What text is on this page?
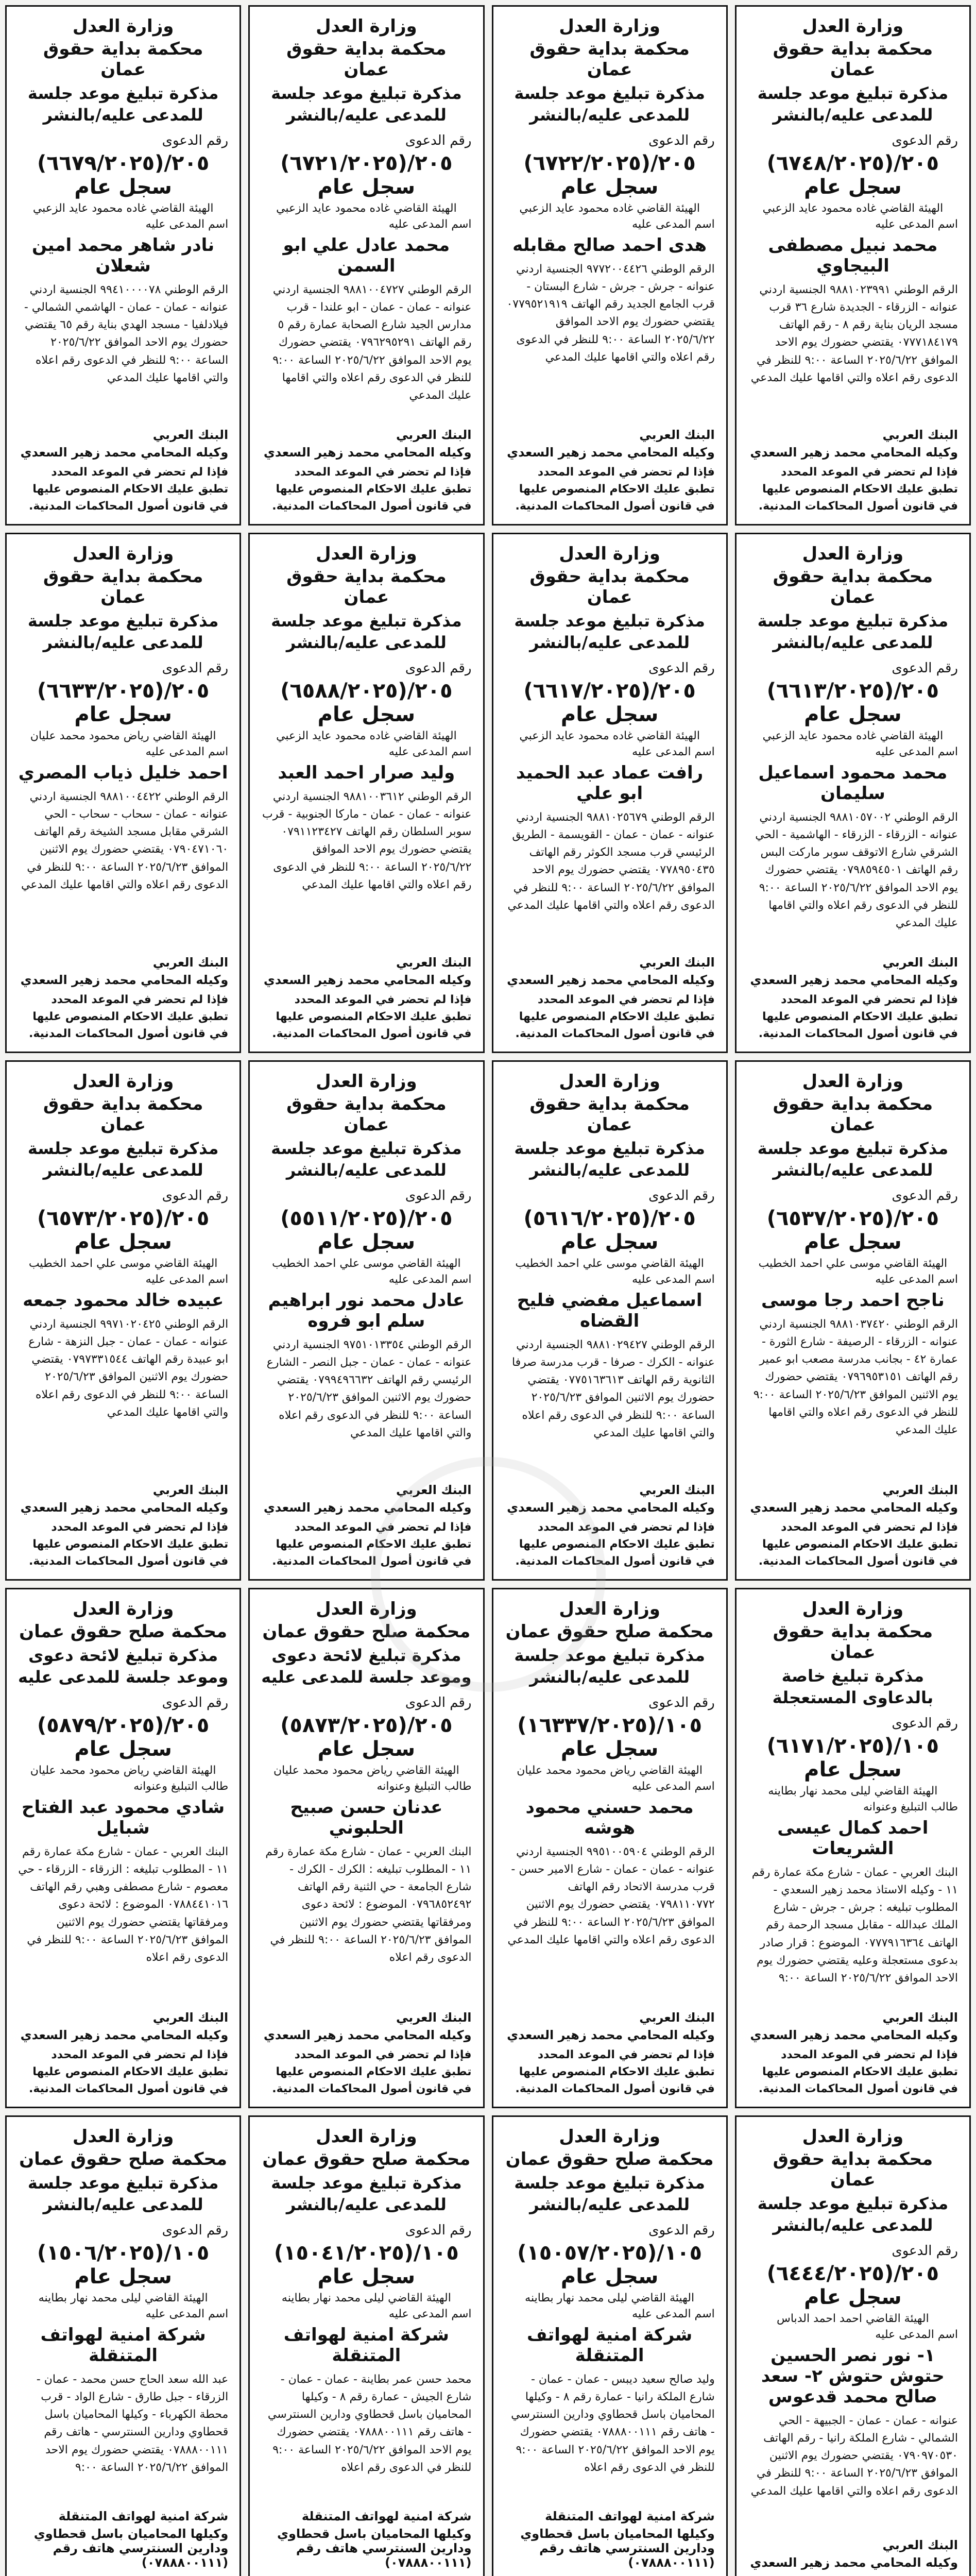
وزارة العدل
محكمة بداية حقوق عمان
مذكرة تبليغ موعد جلسة للمدعى عليه/بالنشر
رقم الدعوى
٢٠٥/(٦٧٤٨/٢٠٢٥) سجل عام
الهيئة القاضي غاده محمود عايد الزعبي
اسم المدعى عليه
محمد نبيل مصطفى البيجاوي
الرقم الوطني ٩٨٨١٠٢٣٩٩١ الجنسية اردني عنوانه - الزرقاء - الجديدة شارع ٣٦ قرب مسجد الريان بناية رقم ٨ - رقم الهاتف ٠٧٧٧١٨٤١٧٩ يقتضي حضورك يوم الاحد الموافق ٢٠٢٥/٦/٢٢ الساعة ٩:٠٠ للنظر في الدعوى رقم اعلاه والتي اقامها عليك المدعي
البنك العربي
وكيله المحامي محمد زهير السعدي
فإذا لم تحضر في الموعد المحدد تطبق عليك الاحكام المنصوص عليها في قانون أصول المحاكمات المدنية.
وزارة العدل
محكمة بداية حقوق عمان
مذكرة تبليغ موعد جلسة للمدعى عليه/بالنشر
رقم الدعوى
٢٠٥/(٦٧٢٢/٢٠٢٥) سجل عام
الهيئة القاضي غاده محمود عايد الزعبي
اسم المدعى عليه
هدى احمد صالح مقابله
الرقم الوطني ٩٧٧٢٠٠٤٤٢٦ الجنسية اردني عنوانه - جرش - جرش - شارع البستان - قرب الجامع الجديد رقم الهاتف ٠٧٧٩٥٢١٩١٩ يقتضي حضورك يوم الاحد الموافق ٢٠٢٥/٦/٢٢ الساعة ٩:٠٠ للنظر في الدعوى رقم اعلاه والتي اقامها عليك المدعي
البنك العربي
وكيله المحامي محمد زهير السعدي
فإذا لم تحضر في الموعد المحدد تطبق عليك الاحكام المنصوص عليها في قانون أصول المحاكمات المدنية.
وزارة العدل
محكمة بداية حقوق عمان
مذكرة تبليغ موعد جلسة للمدعى عليه/بالنشر
رقم الدعوى
٢٠٥/(٦٧٢١/٢٠٢٥) سجل عام
الهيئة القاضي غاده محمود عايد الزعبي
اسم المدعى عليه
محمد عادل علي ابو السمن
الرقم الوطني ٩٨٨١٠٠٤٧٢٧ الجنسية اردني عنوانه - عمان - عمان - ابو علندا - قرب مدارس الجيد شارع الصحابة عمارة رقم ٥ رقم الهاتف ٠٧٩٦٢٩٥٢٩١ يقتضي حضورك يوم الاحد الموافق ٢٠٢٥/٦/٢٢ الساعة ٩:٠٠ للنظر في الدعوى رقم اعلاه والتي اقامها عليك المدعي
البنك العربي
وكيله المحامي محمد زهير السعدي
فإذا لم تحضر في الموعد المحدد تطبق عليك الاحكام المنصوص عليها في قانون أصول المحاكمات المدنية.
وزارة العدل
محكمة بداية حقوق عمان
مذكرة تبليغ موعد جلسة للمدعى عليه/بالنشر
رقم الدعوى
٢٠٥/(٦٦٧٩/٢٠٢٥) سجل عام
الهيئة القاضي غاده محمود عايد الزعبي
اسم المدعى عليه
نادر شاهر محمد امين شعلان
الرقم الوطني ٩٩٤١٠٠٠٠٧٨ الجنسية اردني عنوانه - عمان - عمان - الهاشمي الشمالي - فيلادلفيا - مسجد الهدي بناية رقم ٦٥ يقتضي حضورك يوم الاحد الموافق ٢٠٢٥/٦/٢٢ الساعة ٩:٠٠ للنظر في الدعوى رقم اعلاه والتي اقامها عليك المدعي
البنك العربي
وكيله المحامي محمد زهير السعدي
فإذا لم تحضر في الموعد المحدد تطبق عليك الاحكام المنصوص عليها في قانون أصول المحاكمات المدنية.
وزارة العدل
محكمة بداية حقوق عمان
مذكرة تبليغ موعد جلسة للمدعى عليه/بالنشر
رقم الدعوى
٢٠٥/(٦٦١٣/٢٠٢٥) سجل عام
الهيئة القاضي غاده محمود عايد الزعبي
اسم المدعى عليه
محمد محمود اسماعيل سليمان
الرقم الوطني ٩٨٨١٠٥٧٠٠٢ الجنسية اردني عنوانه - الزرقاء - الزرقاء - الهاشمية - الحي الشرقي شارع الاتوقف سوبر ماركت البس رقم الهاتف ٠٧٩٨٥٩٤٥٠١ يقتضي حضورك يوم الاحد الموافق ٢٠٢٥/٦/٢٢ الساعة ٩:٠٠ للنظر في الدعوى رقم اعلاه والتي اقامها عليك المدعي
البنك العربي
وكيله المحامي محمد زهير السعدي
فإذا لم تحضر في الموعد المحدد تطبق عليك الاحكام المنصوص عليها في قانون أصول المحاكمات المدنية.
وزارة العدل
محكمة بداية حقوق عمان
مذكرة تبليغ موعد جلسة للمدعى عليه/بالنشر
رقم الدعوى
٢٠٥/(٦٦١٧/٢٠٢٥) سجل عام
الهيئة القاضي غاده محمود عايد الزعبي
اسم المدعى عليه
رافت عماد عبد الحميد ابو علي
الرقم الوطني ٩٨٨١٠٢٥٦٧٩ الجنسية اردني عنوانه - عمان - عمان - القويسمة - الطريق الرئيسي قرب مسجد الكوثر رقم الهاتف ٠٧٧٨٩٥٠٤٣٥ يقتضي حضورك يوم الاحد الموافق ٢٠٢٥/٦/٢٢ الساعة ٩:٠٠ للنظر في الدعوى رقم اعلاه والتي اقامها عليك المدعي
البنك العربي
وكيله المحامي محمد زهير السعدي
فإذا لم تحضر في الموعد المحدد تطبق عليك الاحكام المنصوص عليها في قانون أصول المحاكمات المدنية.
وزارة العدل
محكمة بداية حقوق عمان
مذكرة تبليغ موعد جلسة للمدعى عليه/بالنشر
رقم الدعوى
٢٠٥/(٦٥٨٨/٢٠٢٥) سجل عام
الهيئة القاضي غاده محمود عايد الزعبي
اسم المدعى عليه
وليد صرار احمد العبد
الرقم الوطني ٩٨٨١٠٠٣٦١٢ الجنسية اردني عنوانه - عمان - عمان - ماركا الجنوبية - قرب سوبر السلطان رقم الهاتف ٠٧٩١١٢٣٤٢٧ يقتضي حضورك يوم الاحد الموافق ٢٠٢٥/٦/٢٢ الساعة ٩:٠٠ للنظر في الدعوى رقم اعلاه والتي اقامها عليك المدعي
البنك العربي
وكيله المحامي محمد زهير السعدي
فإذا لم تحضر في الموعد المحدد تطبق عليك الاحكام المنصوص عليها في قانون أصول المحاكمات المدنية.
وزارة العدل
محكمة بداية حقوق عمان
مذكرة تبليغ موعد جلسة للمدعى عليه/بالنشر
رقم الدعوى
٢٠٥/(٦٦٣٣/٢٠٢٥) سجل عام
الهيئة القاضي رياض محمود محمد عليان
اسم المدعى عليه
احمد خليل ذياب المصري
الرقم الوطني ٩٨٨١٠٠٤٤٢٢ الجنسية اردني عنوانه - عمان - سحاب - سحاب - الحي الشرقي مقابل مسجد الشيخة رقم الهاتف ٠٧٩٠٤٧١٠٦٠ يقتضي حضورك يوم الاثنين الموافق ٢٠٢٥/٦/٢٣ الساعة ٩:٠٠ للنظر في الدعوى رقم اعلاه والتي اقامها عليك المدعي
البنك العربي
وكيله المحامي محمد زهير السعدي
فإذا لم تحضر في الموعد المحدد تطبق عليك الاحكام المنصوص عليها في قانون أصول المحاكمات المدنية.
وزارة العدل
محكمة بداية حقوق عمان
مذكرة تبليغ موعد جلسة للمدعى عليه/بالنشر
رقم الدعوى
٢٠٥/(٦٥٣٧/٢٠٢٥) سجل عام
الهيئة القاضي موسى علي احمد الخطيب
اسم المدعى عليه
ناجح احمد رجا موسى
الرقم الوطني ٩٨٨١٠٣٧٤٢٠ الجنسية اردني عنوانه - الزرقاء - الرصيفة - شارع الثورة - عمارة ٤٢ - بجانب مدرسة مصعب ابو عمير رقم الهاتف ٠٧٩٦٩٥٣١٥١ يقتضي حضورك يوم الاثنين الموافق ٢٠٢٥/٦/٢٣ الساعة ٩:٠٠ للنظر في الدعوى رقم اعلاه والتي اقامها عليك المدعي
البنك العربي
وكيله المحامي محمد زهير السعدي
فإذا لم تحضر في الموعد المحدد تطبق عليك الاحكام المنصوص عليها في قانون أصول المحاكمات المدنية.
وزارة العدل
محكمة بداية حقوق عمان
مذكرة تبليغ موعد جلسة للمدعى عليه/بالنشر
رقم الدعوى
٢٠٥/(٥٦١٦/٢٠٢٥) سجل عام
الهيئة القاضي موسى علي احمد الخطيب
اسم المدعى عليه
اسماعيل مفضي فليح القضاه
الرقم الوطني ٩٨٨١٠٢٩٤٢٧ الجنسية اردني عنوانه - الكرك - صرفا - قرب مدرسة صرفا الثانوية رقم الهاتف ٠٧٧٥١٦٣٦١٣ يقتضي حضورك يوم الاثنين الموافق ٢٠٢٥/٦/٢٣ الساعة ٩:٠٠ للنظر في الدعوى رقم اعلاه والتي اقامها عليك المدعي
البنك العربي
وكيله المحامي محمد زهير السعدي
فإذا لم تحضر في الموعد المحدد تطبق عليك الاحكام المنصوص عليها في قانون أصول المحاكمات المدنية.
وزارة العدل
محكمة بداية حقوق عمان
مذكرة تبليغ موعد جلسة للمدعى عليه/بالنشر
رقم الدعوى
٢٠٥/(٥٥١١/٢٠٢٥) سجل عام
الهيئة القاضي موسى علي احمد الخطيب
اسم المدعى عليه
عادل محمد نور ابراهيم سلم ابو فروه
الرقم الوطني ٩٧٥١٠١٣٣٥٤ الجنسية اردني عنوانه - عمان - عمان - جبل النصر - الشارع الرئيسي رقم الهاتف ٠٧٩٩٤٩٦٦٣٢ يقتضي حضورك يوم الاثنين الموافق ٢٠٢٥/٦/٢٣ الساعة ٩:٠٠ للنظر في الدعوى رقم اعلاه والتي اقامها عليك المدعي
البنك العربي
وكيله المحامي محمد زهير السعدي
فإذا لم تحضر في الموعد المحدد تطبق عليك الاحكام المنصوص عليها في قانون أصول المحاكمات المدنية.
وزارة العدل
محكمة بداية حقوق عمان
مذكرة تبليغ موعد جلسة للمدعى عليه/بالنشر
رقم الدعوى
٢٠٥/(٦٥٧٣/٢٠٢٥) سجل عام
الهيئة القاضي موسى علي احمد الخطيب
اسم المدعى عليه
عبيده خالد محمود جمعه
الرقم الوطني ٩٩٧١٠٢٠٤٢٥ الجنسية اردني عنوانه - عمان - عمان - جبل النزهة - شارع ابو عبيدة رقم الهاتف ٠٧٩٧٣٣١٥٤٤ يقتضي حضورك يوم الاثنين الموافق ٢٠٢٥/٦/٢٣ الساعة ٩:٠٠ للنظر في الدعوى رقم اعلاه والتي اقامها عليك المدعي
البنك العربي
وكيله المحامي محمد زهير السعدي
فإذا لم تحضر في الموعد المحدد تطبق عليك الاحكام المنصوص عليها في قانون أصول المحاكمات المدنية.
وزارة العدل
محكمة بداية حقوق عمان
مذكرة تبليغ خاصة بالدعاوى المستعجلة
رقم الدعوى
١٠٥/(٦١٧١/٢٠٢٥) سجل عام
الهيئة القاضي ليلى محمد نهار بطاينه
طالب التبليغ وعنوانه
احمد كمال عيسى الشريعات
البنك العربي - عمان - شارع مكة عمارة رقم ١١ - وكيله الاستاذ محمد زهير السعدي - المطلوب تبليغه : جرش - جرش - شارع الملك عبدالله - مقابل مسجد الرحمة رقم الهاتف ٠٧٧٧٩١٦٣٦٤ الموضوع : قرار صادر بدعوى مستعجلة وعليه يقتضي حضورك يوم الاحد الموافق ٢٠٢٥/٦/٢٢ الساعة ٩:٠٠
البنك العربي
وكيله المحامي محمد زهير السعدي
فإذا لم تحضر في الموعد المحدد تطبق عليك الاحكام المنصوص عليها في قانون أصول المحاكمات المدنية.
وزارة العدل
محكمة صلح حقوق عمان
مذكرة تبليغ موعد جلسة للمدعى عليه/بالنشر
رقم الدعوى
١٠٥/(١٦٣٣٧/٢٠٢٥) سجل عام
الهيئة القاضي رياض محمود محمد عليان
اسم المدعى عليه
محمد حسني محمود هوشه
الرقم الوطني ٩٩٥١٠٠٥٩٠٤ الجنسية اردني عنوانه - عمان - عمان - شارع الامير حسن - قرب مدرسة الاتحاد رقم الهاتف ٠٧٩٨١١٠٧٧٢ يقتضي حضورك يوم الاثنين الموافق ٢٠٢٥/٦/٢٣ الساعة ٩:٠٠ للنظر في الدعوى رقم اعلاه والتي اقامها عليك المدعي
البنك العربي
وكيله المحامي محمد زهير السعدي
فإذا لم تحضر في الموعد المحدد تطبق عليك الاحكام المنصوص عليها في قانون أصول المحاكمات المدنية.
وزارة العدل
محكمة صلح حقوق عمان
مذكرة تبليغ لائحة دعوى وموعد جلسة للمدعى عليه
رقم الدعوى
٢٠٥/(٥٨٧٣/٢٠٢٥) سجل عام
الهيئة القاضي رياض محمود محمد عليان
طالب التبليغ وعنوانه
عدنان حسن صبيح الحلبوني
البنك العربي - عمان - شارع مكة عمارة رقم ١١ - المطلوب تبليغه : الكرك - الكرك - شارع الجامعة - حي الثنية رقم الهاتف ٠٧٩٦٨٥٢٤٩٢ الموضوع : لائحة دعوى ومرفقاتها يقتضي حضورك يوم الاثنين الموافق ٢٠٢٥/٦/٢٣ الساعة ٩:٠٠ للنظر في الدعوى رقم اعلاه
البنك العربي
وكيله المحامي محمد زهير السعدي
فإذا لم تحضر في الموعد المحدد تطبق عليك الاحكام المنصوص عليها في قانون أصول المحاكمات المدنية.
وزارة العدل
محكمة صلح حقوق عمان
مذكرة تبليغ لائحة دعوى وموعد جلسة للمدعى عليه
رقم الدعوى
٢٠٥/(٥٨٧٩/٢٠٢٥) سجل عام
الهيئة القاضي رياض محمود محمد عليان
طالب التبليغ وعنوانه
شادي محمود عبد الفتاح شبايل
البنك العربي - عمان - شارع مكة عمارة رقم ١١ - المطلوب تبليغه : الزرقاء - الزرقاء - حي معصوم - شارع مصطفى وهبي رقم الهاتف ٠٧٨٨٤٤١٠١٦ الموضوع : لائحة دعوى ومرفقاتها يقتضي حضورك يوم الاثنين الموافق ٢٠٢٥/٦/٢٣ الساعة ٩:٠٠ للنظر في الدعوى رقم اعلاه
البنك العربي
وكيله المحامي محمد زهير السعدي
فإذا لم تحضر في الموعد المحدد تطبق عليك الاحكام المنصوص عليها في قانون أصول المحاكمات المدنية.
وزارة العدل
محكمة بداية حقوق عمان
مذكرة تبليغ موعد جلسة للمدعى عليه/بالنشر
رقم الدعوى
٢٠٥/(٦٤٤٤/٢٠٢٥) سجل عام
الهيئة القاضي احمد احمد الدباس
اسم المدعى عليه
١- نور نصر الحسين حتوش حتوش ٢- سعد صالح محمد قدعوس
عنوانه - عمان - عمان - الجبيهة - الحي الشمالي - شارع الملكة رانيا - رقم الهاتف ٠٧٩٠٩٧٠٥٣٠ يقتضي حضورك يوم الاثنين الموافق ٢٠٢٥/٦/٢٣ الساعة ٩:٠٠ للنظر في الدعوى رقم اعلاه والتي اقامها عليك المدعي
البنك العربي
وكيله المحامي محمد زهير السعدي
وزارة العدل
محكمة صلح حقوق عمان
مذكرة تبليغ موعد جلسة للمدعى عليه/بالنشر
رقم الدعوى
١٠٥/(١٥٠٥٧/٢٠٢٥) سجل عام
الهيئة القاضي ليلى محمد نهار بطاينه
اسم المدعى عليه
شركة امنية لهواتف المتنقلة
وليد صالح سعيد ديبس - عمان - عمان - شارع الملكة رانيا - عمارة رقم ٨ - وكيلها المحاميان باسل قحطاوي ودارين السنترسي - هاتف رقم ٠٧٨٨٨٠٠١١١ يقتضي حضورك يوم الاحد الموافق ٢٠٢٥/٦/٢٢ الساعة ٩:٠٠ للنظر في الدعوى رقم اعلاه
شركة امنية لهواتف المتنقلة
وكيلها المحاميان باسل قحطاوي ودارين السنترسي هاتف رقم (٠٧٨٨٨٠٠١١١)
وزارة العدل
محكمة صلح حقوق عمان
مذكرة تبليغ موعد جلسة للمدعى عليه/بالنشر
رقم الدعوى
١٠٥/(١٥٠٤١/٢٠٢٥) سجل عام
الهيئة القاضي ليلى محمد نهار بطاينه
اسم المدعى عليه
شركة امنية لهواتف المتنقلة
محمد حسن عمر بطاينة - عمان - عمان - شارع الجيش - عمارة رقم ٨ - وكيلها المحاميان باسل قحطاوي ودارين السنترسي - هاتف رقم ٠٧٨٨٨٠٠١١١ يقتضي حضورك يوم الاحد الموافق ٢٠٢٥/٦/٢٢ الساعة ٩:٠٠ للنظر في الدعوى رقم اعلاه
شركة امنية لهواتف المتنقلة
وكيلها المحاميان باسل قحطاوي ودارين السنترسي هاتف رقم (٠٧٨٨٨٠٠١١١)
وزارة العدل
محكمة صلح حقوق عمان
مذكرة تبليغ موعد جلسة للمدعى عليه/بالنشر
رقم الدعوى
١٠٥/(١٥٠٦/٢٠٢٥) سجل عام
الهيئة القاضي ليلى محمد نهار بطاينه
اسم المدعى عليه
شركة امنية لهواتف المتنقلة
عبد الله سعد الحاج حسن محمد - عمان - الزرقاء - جبل طارق - شارع الواد - قرب محطة الكهرباء - وكيلها المحاميان باسل قحطاوي ودارين السنترسي - هاتف رقم ٠٧٨٨٨٠٠١١١ يقتضي حضورك يوم الاحد الموافق ٢٠٢٥/٦/٢٢ الساعة ٩:٠٠
شركة امنية لهواتف المتنقلة
وكيلها المحاميان باسل قحطاوي ودارين السنترسي هاتف رقم (٠٧٨٨٨٠٠١١١)
